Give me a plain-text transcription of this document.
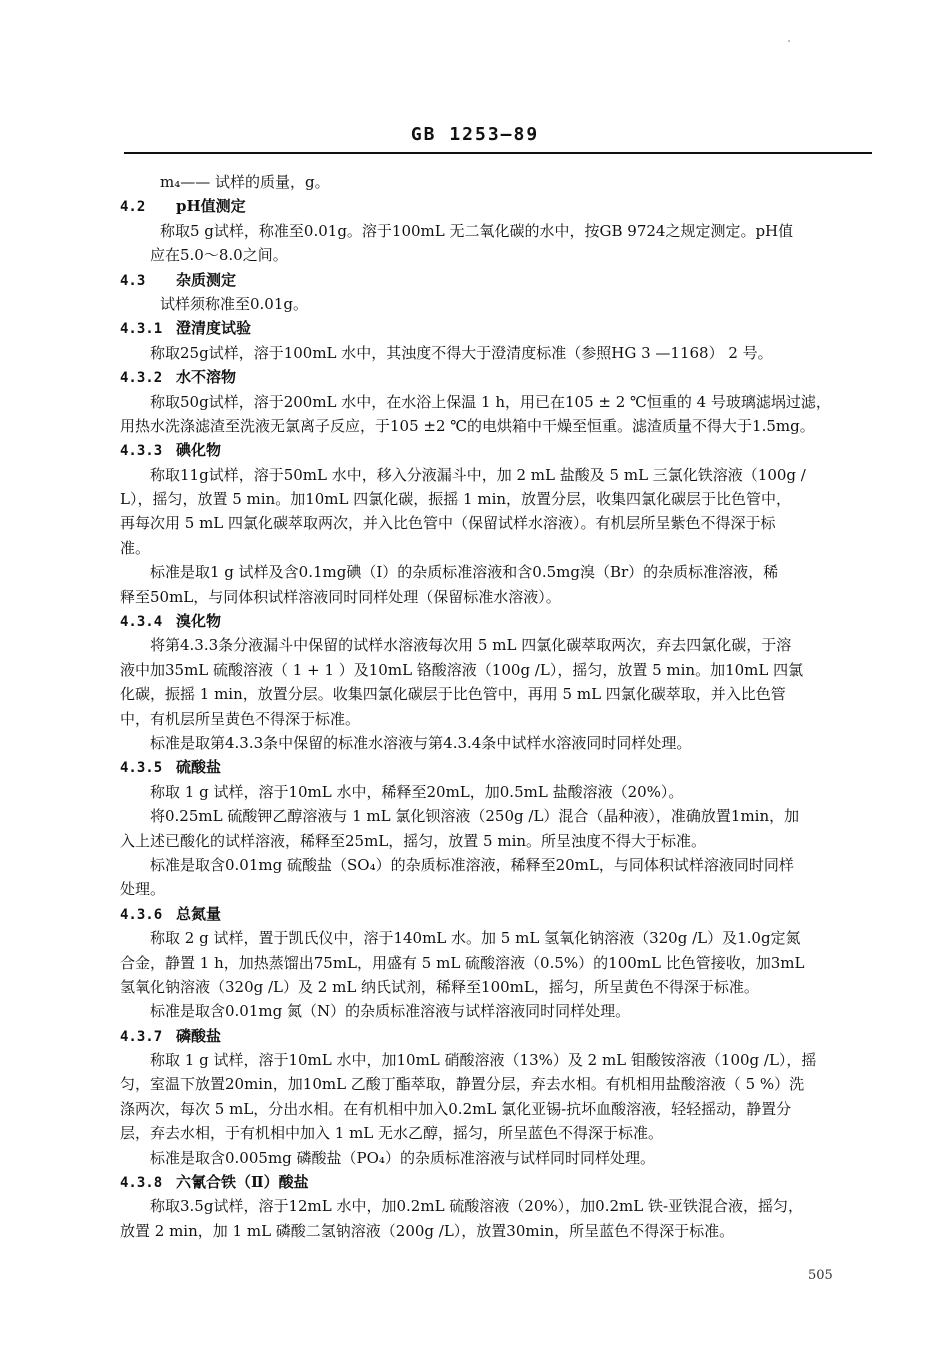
GB 1253—89
m₄—— 试样的质量，g。
4.2 pH值测定
称取5 g试样，称准至0.01g。溶于100mL 无二氧化碳的水中，按GB 9724之规定测定。pH值
应在5.0～8.0之间。
4.3 杂质测定
试样须称准至0.01g。
4.3.1 澄清度试验
称取25g试样，溶于100mL 水中，其浊度不得大于澄清度标准（参照HG 3 —1168） 2 号。
4.3.2 水不溶物
称取50g试样，溶于200mL 水中，在水浴上保温 1 h，用已在105 ± 2 ℃恒重的 4 号玻璃滤埚过滤，
用热水洗涤滤渣至洗液无氯离子反应，于105 ±2 ℃的电烘箱中干燥至恒重。滤渣质量不得大于1.5mg。
4.3.3 碘化物
称取11g试样，溶于50mL 水中，移入分液漏斗中，加 2 mL 盐酸及 5 mL 三氯化铁溶液（100g /
L），摇匀，放置 5 min。加10mL 四氯化碳，振摇 1 min，放置分层，收集四氯化碳层于比色管中，
再每次用 5 mL 四氯化碳萃取两次，并入比色管中（保留试样水溶液）。有机层所呈紫色不得深于标
准。
标准是取1 g 试样及含0.1mg碘（I）的杂质标准溶液和含0.5mg溴（Br）的杂质标准溶液，稀
释至50mL，与同体积试样溶液同时同样处理（保留标准水溶液）。
4.3.4 溴化物
将第4.3.3条分液漏斗中保留的试样水溶液每次用 5 mL 四氯化碳萃取两次，弃去四氯化碳，于溶
液中加35mL 硫酸溶液（ 1 + 1 ）及10mL 铬酸溶液（100g /L），摇匀，放置 5 min。加10mL 四氯
化碳，振摇 1 min，放置分层。收集四氯化碳层于比色管中，再用 5 mL 四氯化碳萃取，并入比色管
中，有机层所呈黄色不得深于标准。
标准是取第4.3.3条中保留的标准水溶液与第4.3.4条中试样水溶液同时同样处理。
4.3.5 硫酸盐
称取 1 g 试样，溶于10mL 水中，稀释至20mL，加0.5mL 盐酸溶液（20%）。
将0.25mL 硫酸钾乙醇溶液与 1 mL 氯化钡溶液（250g /L）混合（晶种液），准确放置1min，加
入上述已酸化的试样溶液，稀释至25mL，摇匀，放置 5 min。所呈浊度不得大于标准。
标准是取含0.01mg 硫酸盐（SO₄）的杂质标准溶液，稀释至20mL，与同体积试样溶液同时同样
处理。
4.3.6 总氮量
称取 2 g 试样，置于凯氏仪中，溶于140mL 水。加 5 mL 氢氧化钠溶液（320g /L）及1.0g定氮
合金，静置 1 h，加热蒸馏出75mL，用盛有 5 mL 硫酸溶液（0.5%）的100mL 比色管接收，加3mL
氢氧化钠溶液（320g /L）及 2 mL 纳氏试剂，稀释至100mL，摇匀，所呈黄色不得深于标准。
标准是取含0.01mg 氮（N）的杂质标准溶液与试样溶液同时同样处理。
4.3.7 磷酸盐
称取 1 g 试样，溶于10mL 水中，加10mL 硝酸溶液（13%）及 2 mL 钼酸铵溶液（100g /L），摇
匀，室温下放置20min，加10mL 乙酸丁酯萃取，静置分层，弃去水相。有机相用盐酸溶液（ 5 %）洗
涤两次，每次 5 mL，分出水相。在有机相中加入0.2mL 氯化亚锡-抗坏血酸溶液，轻轻摇动，静置分
层，弃去水相，于有机相中加入 1 mL 无水乙醇，摇匀，所呈蓝色不得深于标准。
标准是取含0.005mg 磷酸盐（PO₄）的杂质标准溶液与试样同时同样处理。
4.3.8 六氰合铁（Ⅱ）酸盐
称取3.5g试样，溶于12mL 水中，加0.2mL 硫酸溶液（20%），加0.2mL 铁-亚铁混合液，摇匀，
放置 2 min，加 1 mL 磷酸二氢钠溶液（200g /L），放置30min，所呈蓝色不得深于标准。
505
